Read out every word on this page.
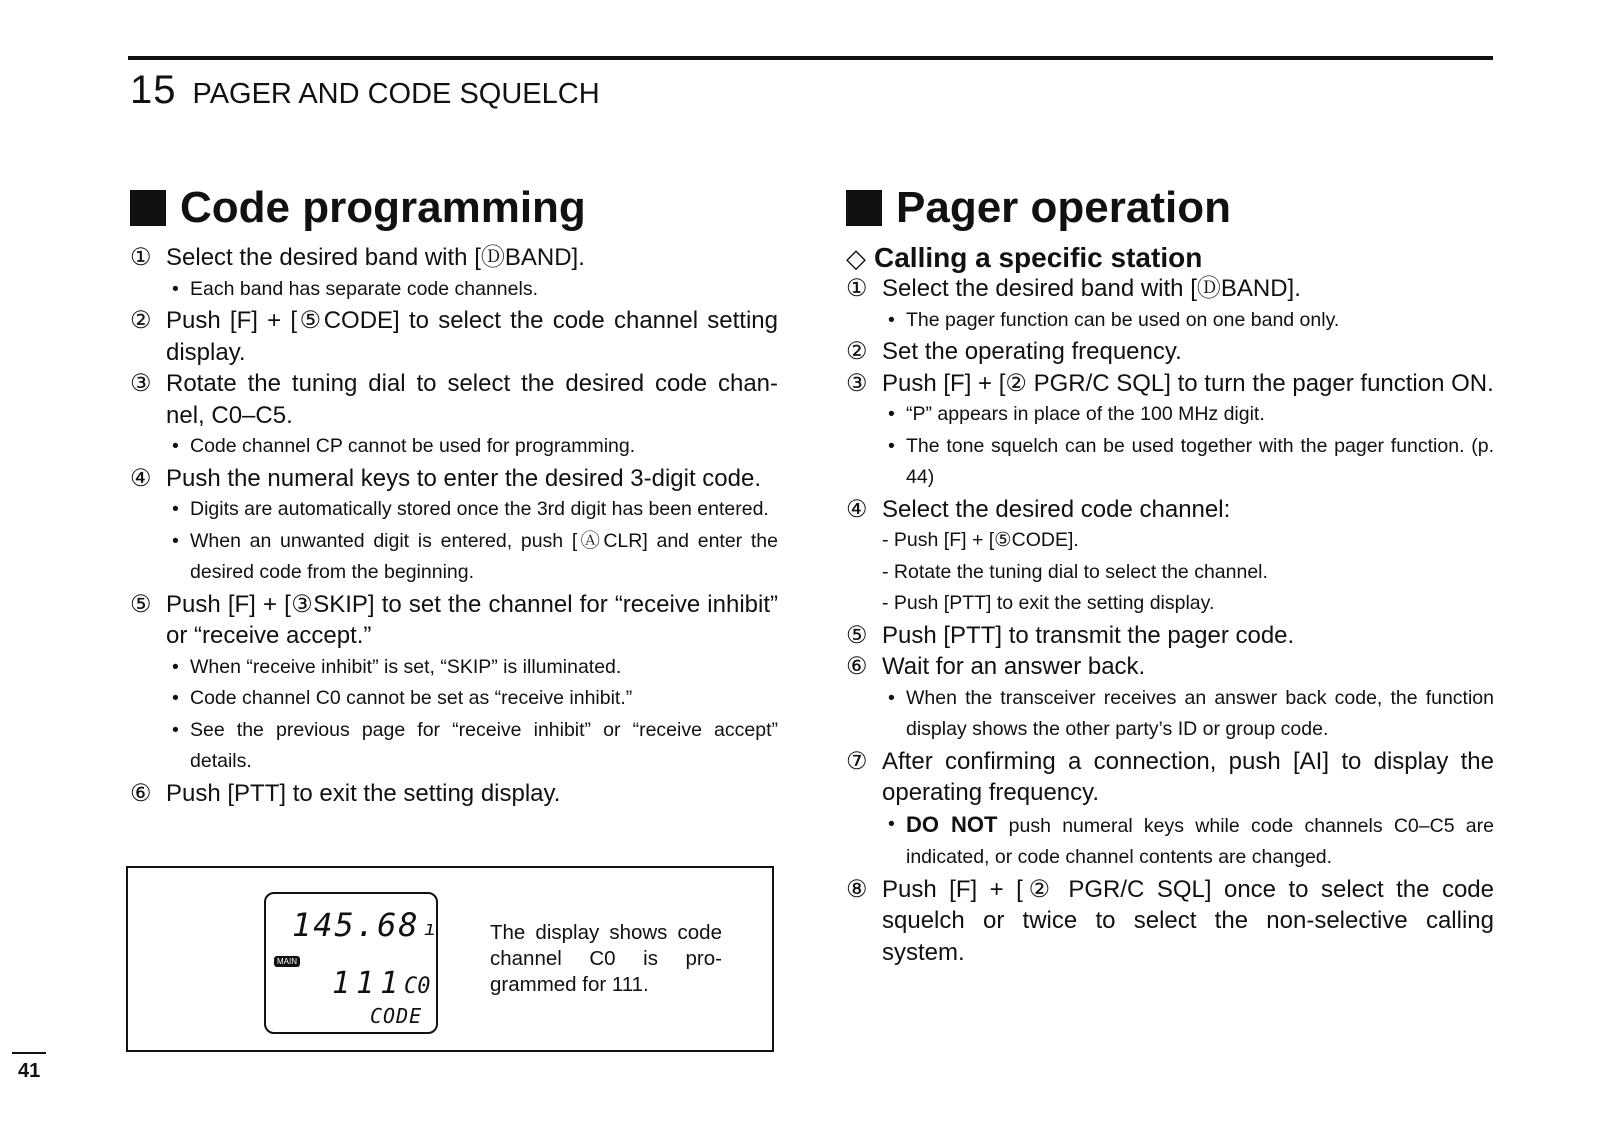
15 PAGER AND CODE SQUELCH
Code programming
① Select the desired band with [ⒹBAND].
• Each band has separate code channels.
② Push [F] + [⑤CODE] to select the code channel setting display.
③ Rotate the tuning dial to select the desired code chan-nel, C0–C5.
• Code channel CP cannot be used for programming.
④ Push the numeral keys to enter the desired 3-digit code.
• Digits are automatically stored once the 3rd digit has been entered.
• When an unwanted digit is entered, push [ⒶCLR] and enter the desired code from the beginning.
⑤ Push [F] + [③SKIP] to set the channel for “receive inhibit” or “receive accept.”
• When “receive inhibit” is set, “SKIP” is illuminated.
• Code channel C0 cannot be set as “receive inhibit.”
• See the previous page for “receive inhibit” or “receive accept” details.
⑥ Push [PTT] to exit the setting display.
145.68 ı
MAIN
111 C0
CODE
The display shows code channel C0 is pro-grammed for 111.
Pager operation
◇ Calling a specific station
① Select the desired band with [ⒹBAND].
• The pager function can be used on one band only.
② Set the operating frequency.
③ Push [F] + [② PGR/C SQL] to turn the pager function ON.
• “P” appears in place of the 100 MHz digit.
• The tone squelch can be used together with the pager function. (p. 44)
④ Select the desired code channel:
- Push [F] + [⑤CODE].
- Rotate the tuning dial to select the channel.
- Push [PTT] to exit the setting display.
⑤ Push [PTT] to transmit the pager code.
⑥ Wait for an answer back.
• When the transceiver receives an answer back code, the function display shows the other party’s ID or group code.
⑦ After confirming a connection, push [AI] to display the operating frequency.
• DO NOT push numeral keys while code channels C0–C5 are indicated, or code channel contents are changed.
⑧ Push [F] + [② PGR/C SQL] once to select the code squelch or twice to select the non-selective calling system.
41
